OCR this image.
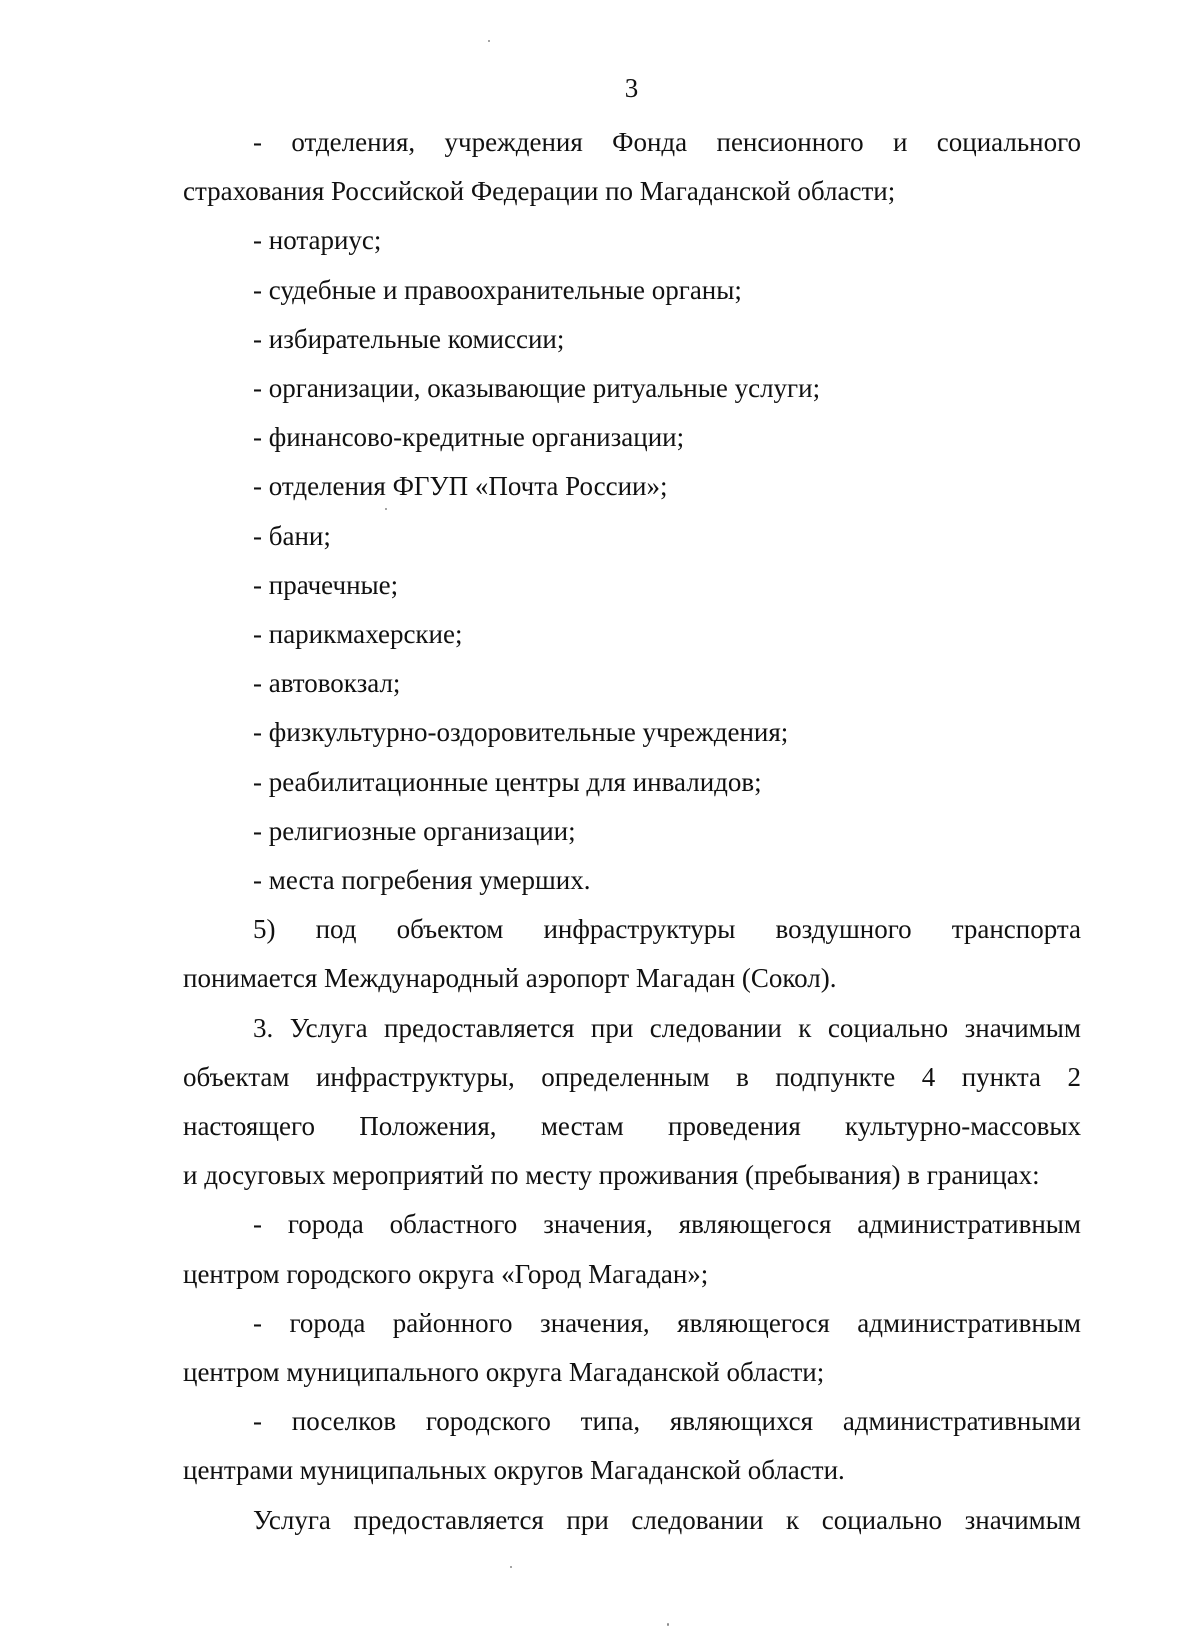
3
- отделения, учреждения Фонда пенсионного и социального
страхования Российской Федерации по Магаданской области;
- нотариус;
- судебные и правоохранительные органы;
- избирательные комиссии;
- организации, оказывающие ритуальные услуги;
- финансово-кредитные организации;
- отделения ФГУП «Почта России»;
- бани;
- прачечные;
- парикмахерские;
- автовокзал;
- физкультурно-оздоровительные учреждения;
- реабилитационные центры для инвалидов;
- религиозные организации;
- места погребения умерших.
5) под объектом инфраструктуры воздушного транспорта
понимается Международный аэропорт Магадан (Сокол).
3. Услуга предоставляется при следовании к социально значимым
объектам инфраструктуры, определенным в подпункте 4 пункта 2
настоящего Положения, местам проведения культурно-массовых
и досуговых мероприятий по месту проживания (пребывания) в границах:
- города областного значения, являющегося административным
центром городского округа «Город Магадан»;
- города районного значения, являющегося административным
центром муниципального округа Магаданской области;
- поселков городского типа, являющихся административными
центрами муниципальных округов Магаданской области.
Услуга предоставляется при следовании к социально значимым
